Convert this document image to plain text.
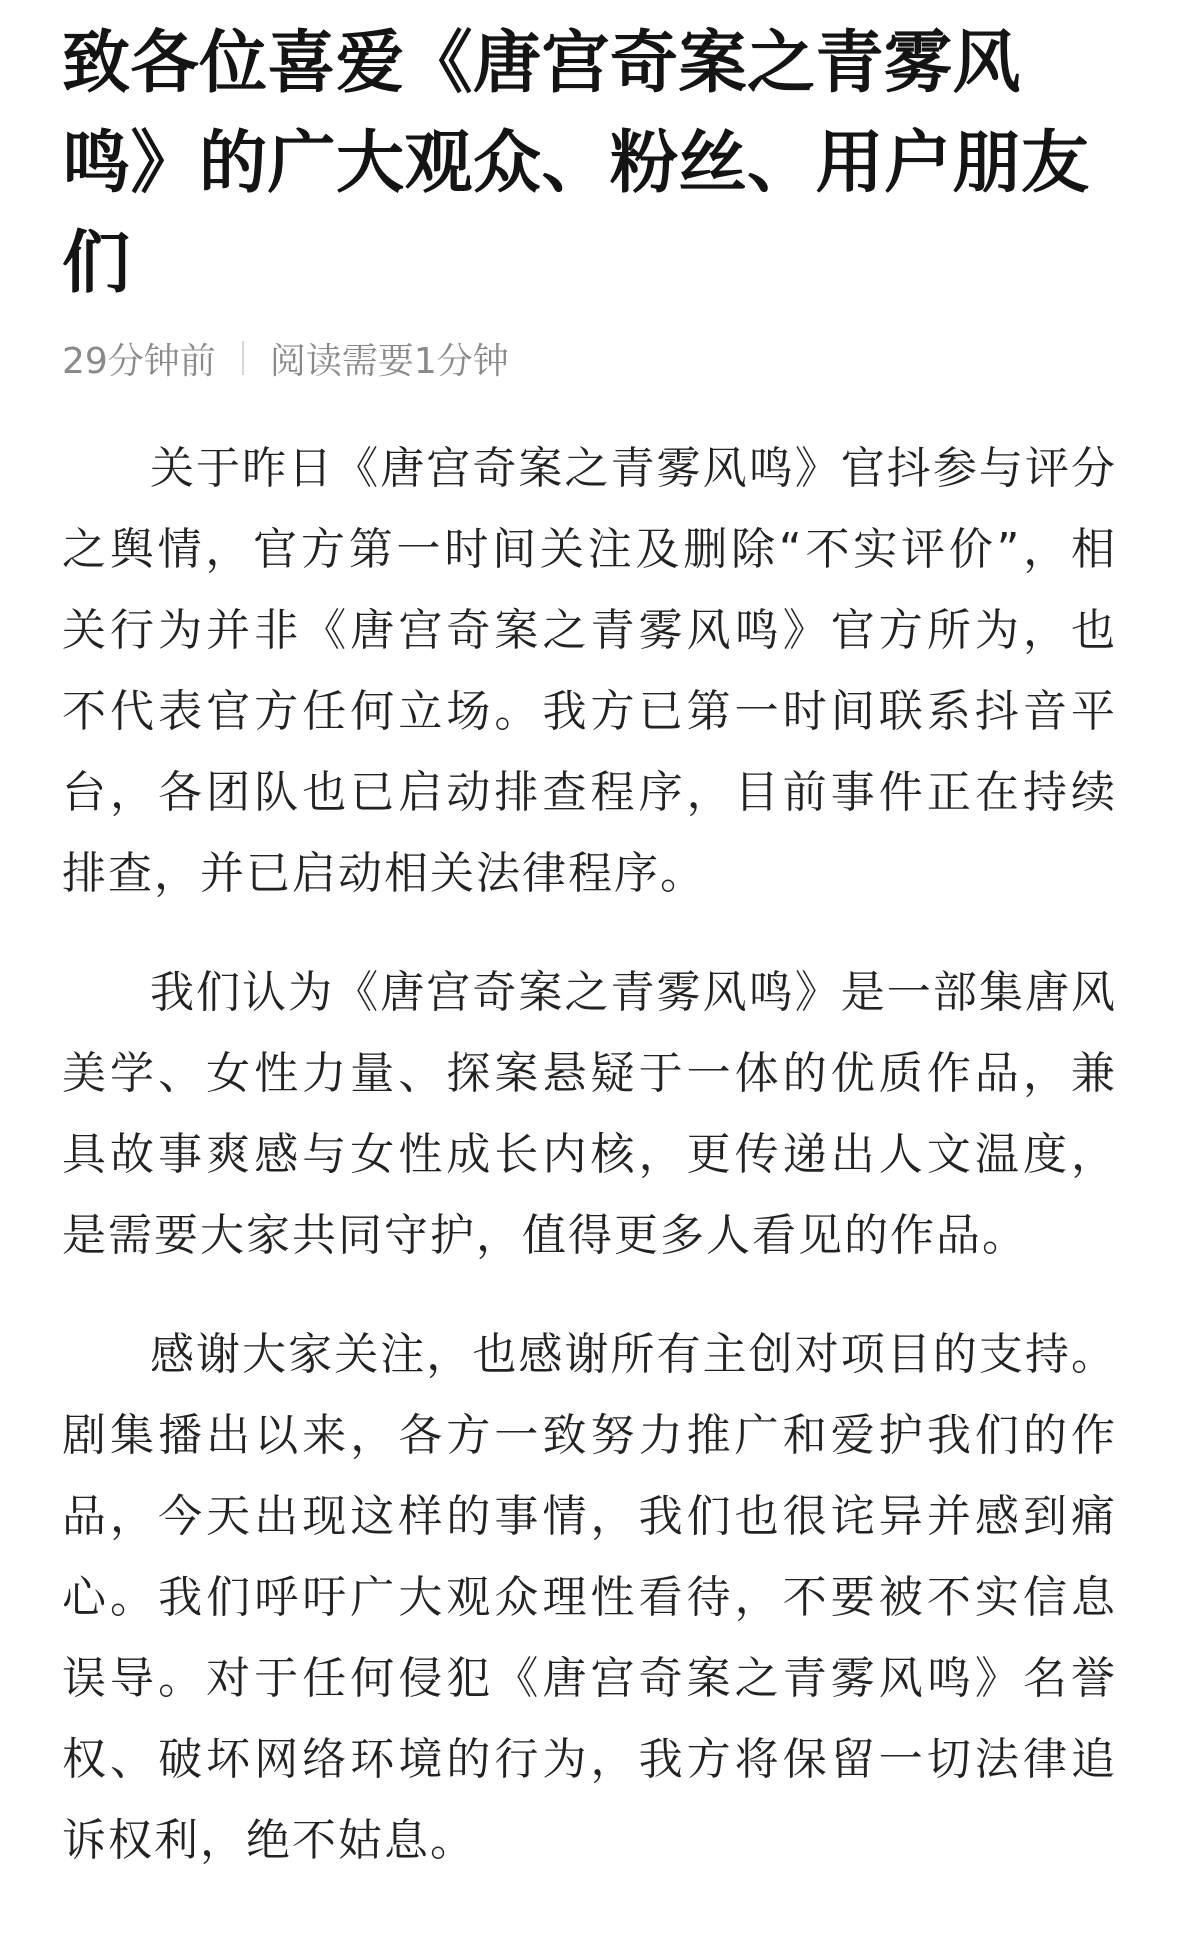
致各位喜爱《唐宫奇案之青雾风鸣》的广大观众、粉丝、用户朋友们
29分钟前 阅读需要1分钟

关于昨日《唐宫奇案之青雾风鸣》官抖参与评分之舆情，官方第一时间关注及删除“不实评价”，相关行为并非《唐宫奇案之青雾风鸣》官方所为，也不代表官方任何立场。我方已第一时间联系抖音平台，各团队也已启动排查程序，目前事件正在持续排查，并已启动相关法律程序。

我们认为《唐宫奇案之青雾风鸣》是一部集唐风美学、女性力量、探案悬疑于一体的优质作品，兼具故事爽感与女性成长内核，更传递出人文温度，是需要大家共同守护，值得更多人看见的作品。

感谢大家关注，也感谢所有主创对项目的支持。剧集播出以来，各方一致努力推广和爱护我们的作品，今天出现这样的事情，我们也很诧异并感到痛心。我们呼吁广大观众理性看待，不要被不实信息误导。对于任何侵犯《唐宫奇案之青雾风鸣》名誉权、破坏网络环境的行为，我方将保留一切法律追诉权利，绝不姑息。
